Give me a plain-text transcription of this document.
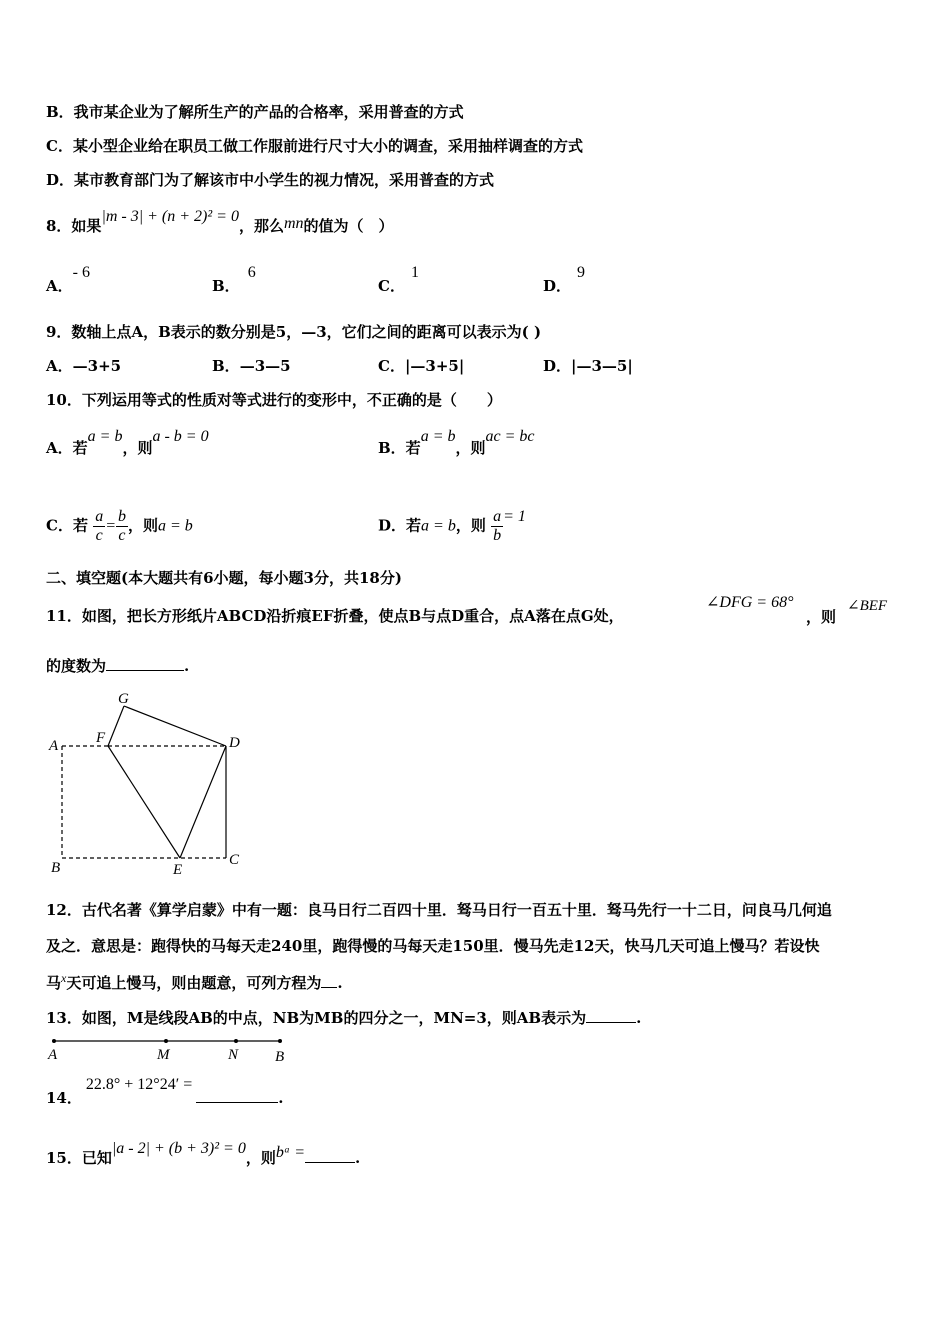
B．我市某企业为了解所生产的产品的合格率，采用普查的方式
C．某小型企业给在职员工做工作服前进行尺寸大小的调查，采用抽样调查的方式
D．某市教育部门为了解该市中小学生的视力情况，采用普查的方式
8．如果|m - 3| + (n + 2)² = 0，那么mn的值为（　）
A．- 6
B．6
C．1
D．9
9．数轴上点A，B表示的数分别是5，—3，它们之间的距离可以表示为( )
A．—3+5	B．—3—5	C．|—3+5|	D．|—3—5|
10．下列运用等式的性质对等式进行的变形中，不正确的是（　　）
A．若a = b，则a - b = 0
B．若a = b，则ac = bc
C．若 $\frac{a}{c} = \frac{b}{c}$ ，则a = b	D．若a = b，则 $\frac{a}{b} = 1$
二、填空题(本大题共有6小题，每小题3分，共18分)
11．如图，把长方形纸片ABCD沿折痕EF折叠，使点B与点D重合，点A落在点G处，
∠DFG = 68°
，则
∠BEF
的度数为	.
G
A	F	D
B	E
C
12．古代名著《算学启蒙》中有一题：良马日行二百四十里．驽马日行一百五十里．驽马先行一十二日，问良马几何追
及之．意思是：跑得快的马每天走240里，跑得慢的马每天走150里．慢马先走12天，快马几天可追上慢马？若设快
马$^x$天可追上慢马，则由题意，可列方程为 .
13．如图，M是线段AB的中点，NB为MB的四分之一，MN=3，则AB表示为	.
A	M	N B
14．22.8° + 12°24′ =.
15．已知|a - 2| + (b + 3)² = 0，则bᵃ =	.
